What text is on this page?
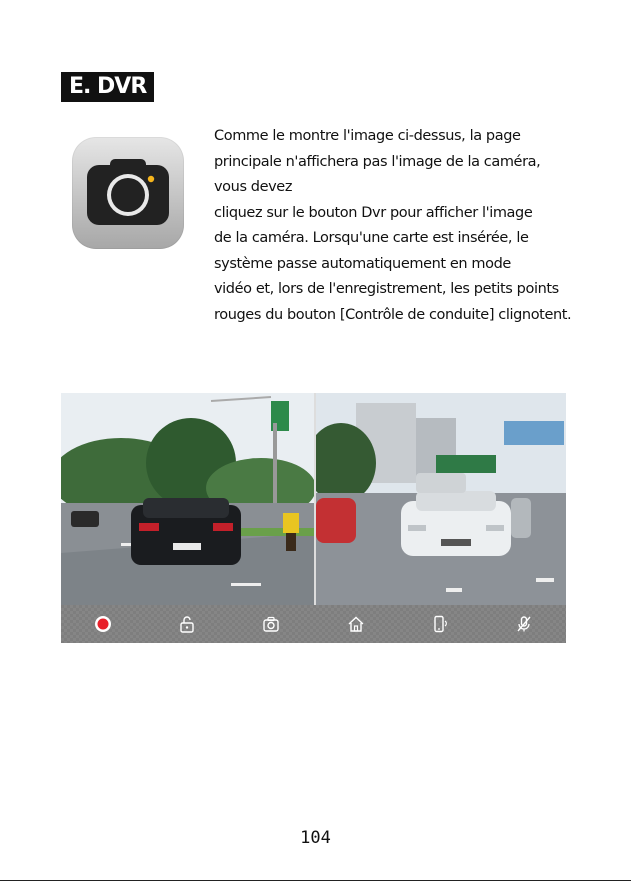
E. DVR
Comme le montre l'image ci-dessus, la page
principale n'affichera pas l'image de la caméra,
vous devez
cliquez sur le bouton Dvr pour afficher l'image
de la caméra. Lorsqu'une carte est insérée, le
système passe automatiquement en mode
vidéo et, lors de l'enregistrement, les petits points
rouges du bouton [Contrôle de conduite] clignotent.
104
